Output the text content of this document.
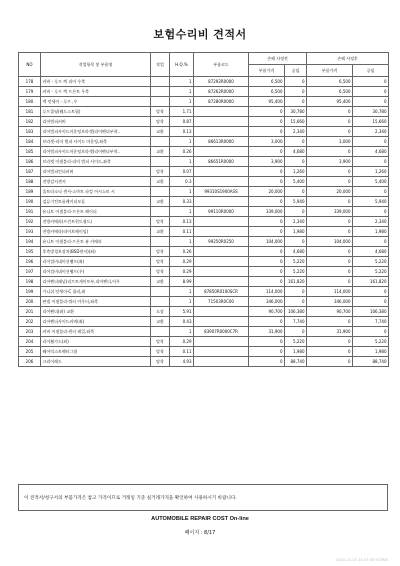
보험수리비 견적서
NO	작업항목 및 부품명	작업	H.Q.%	부품코드	손해 사정전		손해 사정후	
					부품가격	공임	부품가격	공임
178	커버 - 루프 렉 리어 우측		1	87292R0000	6,500	0	6,500	0
179	커버 - 루프 렉 프론트 우측		1	87262R0000	6,500	0	6,500	0
180	렉 앗세이 - 루프 ,우		1	87280R0000	95,400	0	95,400	0
181	루프몰딩(웨드스트립)	탈착	1.71		0	30,780	0	30,780
182	리어범퍼커버	탈착	0.87		0	15,660	0	15,660
183	리어범퍼사이드마운팅브라켓(리어펜더부착..	교환	0.13		0	2,340	0	2,340
184	브라켓-리어 범퍼 사이드 마운팅,좌측		1	86613R0000	3,000	0	3,000	0
185	리어범퍼사이드마운팅브라켓(리어펜더부착..	교환	0.26		0	4,680	0	4,680
186	브라켓 어셈블리-리어 범퍼 사이드,좌측		1	86651R0000	3,900	0	3,900	0
187	리어범퍼언더커버	탈착	0.07		0	1,260	0	1,260
188	전방감지센서	교환	0.3		0	5,400	0	5,400
189	울트라소닉 센서-스마트 파킹 어시스트 시		1	99310S1900ASS	20,000	0	20,000	0
190	검류기컨트롤레이더모듈	교환	0.33		0	5,940	0	5,940
191	유니트 어셈블리-프론트 레이더		1	99110R0000	339,000	0	339,000	0
192	전방카메라(프런트윈드쉴드)	탈착	0.13		0	2,340	0	2,340
193	전방카메라(라이브에이밍)	교환	0.11		0	1,980	0	1,980
194	유니트 어셈블리-프론트 뷰 카메라		1	99250R0250	104,000	0	104,000	0
195	후측방경보장치(BSD센서)(좌)	탈착	0.26		0	4,680	0	4,680
196	리어컴비네이션램프(좌)	탈착	0.29		0	5,220	0	5,220
197	리어컴비네이션램프(우)	탈착	0.29		0	5,220	0	5,220
198	리어펜더패널(리프트게이트부,리어펜더,아우	교환	8.99		0	161,820	0	161,820
199	가니쉬 앗세이-C 필러,좌		1	87850R0100SCR	114,000	0	114,000	0
200	판넬 어셈블리-쿼터 아우터,좌측		1	71503R0C00	346,000	0	346,000	0
201	리어펜더(좌) 교환	도장	5.91		90,700	106,380	90,700	106,380
202	리어펜더사이드커버(좌)	교환	0.43		0	7,740	0	7,740
203	커버 어셈블리-센터 레일,좌측		1	83907R0000C7R	31,900	0	31,900	0
204	리어휠가드(좌)	탈착	0.29		0	5,220	0	5,220
205	웨어익스트랙터그릴	탈착	0.11		0	1,980	0	1,980
206	크리어레드	탈착	4.93		0	88,740	0	88,740
이 견적서/청구서의 부품가격은 참고 가격이므로 거래일 기준 실거래가격을 확인하여 사용하시기 바랍니다.
AUTOMOBILE REPAIR COST On-line
페이지 : 8/17
2025-11-25 14:37:35 KSTREI
